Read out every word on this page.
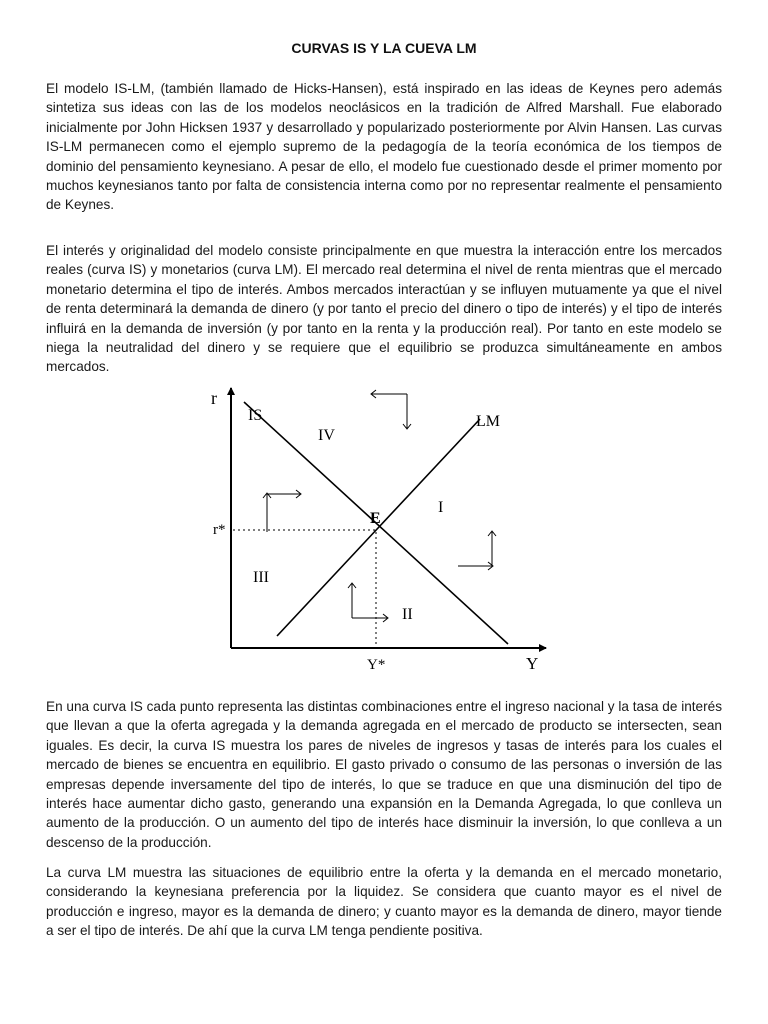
CURVAS IS Y LA CUEVA LM

El modelo IS-LM, (también llamado de Hicks-Hansen), está inspirado en las ideas de Keynes pero además sintetiza sus ideas con las de los modelos neoclásicos en la tradición de Alfred Marshall. Fue elaborado inicialmente por John Hicksen 1937 y desarrollado y popularizado posteriormente por Alvin Hansen. Las curvas IS-LM permanecen como el ejemplo supremo de la pedagogía de la teoría económica de los tiempos de dominio del pensamiento keynesiano. A pesar de ello, el modelo fue cuestionado desde el primer momento por muchos keynesianos tanto por falta de consistencia interna como por no representar realmente el pensamiento de Keynes.

El interés y originalidad del modelo consiste principalmente en que muestra la interacción entre los mercados reales (curva IS) y monetarios (curva LM). El mercado real determina el nivel de renta mientras que el mercado monetario determina el tipo de interés. Ambos mercados interactúan y se influyen mutuamente ya que el nivel de renta determinará la demanda de dinero (y por tanto el precio del dinero o tipo de interés) y el tipo de interés influirá en la demanda de inversión (y por tanto en la renta y la producción real). Por tanto en este modelo se niega la neutralidad del dinero y se requiere que el equilibrio se produzca simultáneamente en ambos mercados.

r
Y
IS	LM
r*
Y*
E
I
II
III
IV

En una curva IS cada punto representa las distintas combinaciones entre el ingreso nacional y la tasa de interés que llevan a que la oferta agregada y la demanda agregada en el mercado de producto se intersecten, sean iguales. Es decir, la curva IS muestra los pares de niveles de ingresos y tasas de interés para los cuales el mercado de bienes se encuentra en equilibrio. El gasto privado o consumo de las personas o inversión de las empresas depende inversamente del tipo de interés, lo que se traduce en que una disminución del tipo de interés hace aumentar dicho gasto, generando una expansión en la Demanda Agregada, lo que conlleva un aumento de la producción. O un aumento del tipo de interés hace disminuir la inversión, lo que conlleva a un descenso de la producción.

La curva LM muestra las situaciones de equilibrio entre la oferta y la demanda en el mercado monetario, considerando la keynesiana preferencia por la liquidez. Se considera que cuanto mayor es el nivel de producción e ingreso, mayor es la demanda de dinero; y cuanto mayor es la demanda de dinero, mayor tiende a ser el tipo de interés. De ahí que la curva LM tenga pendiente positiva.
